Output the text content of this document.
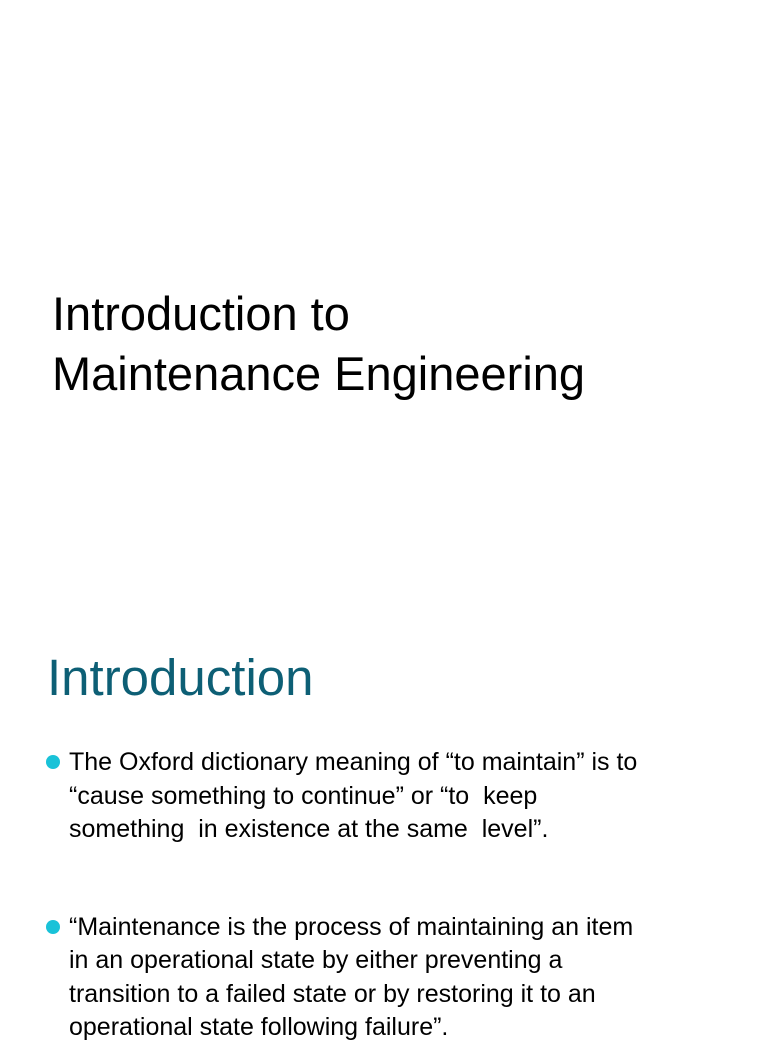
Introduction to
Maintenance Engineering
Introduction
The Oxford dictionary meaning of “to maintain” is to
“cause something to continue” or “to  keep
something  in existence at the same  level”.
“Maintenance is the process of maintaining an item
in an operational state by either preventing a
transition to a failed state or by restoring it to an
operational state following failure”.
